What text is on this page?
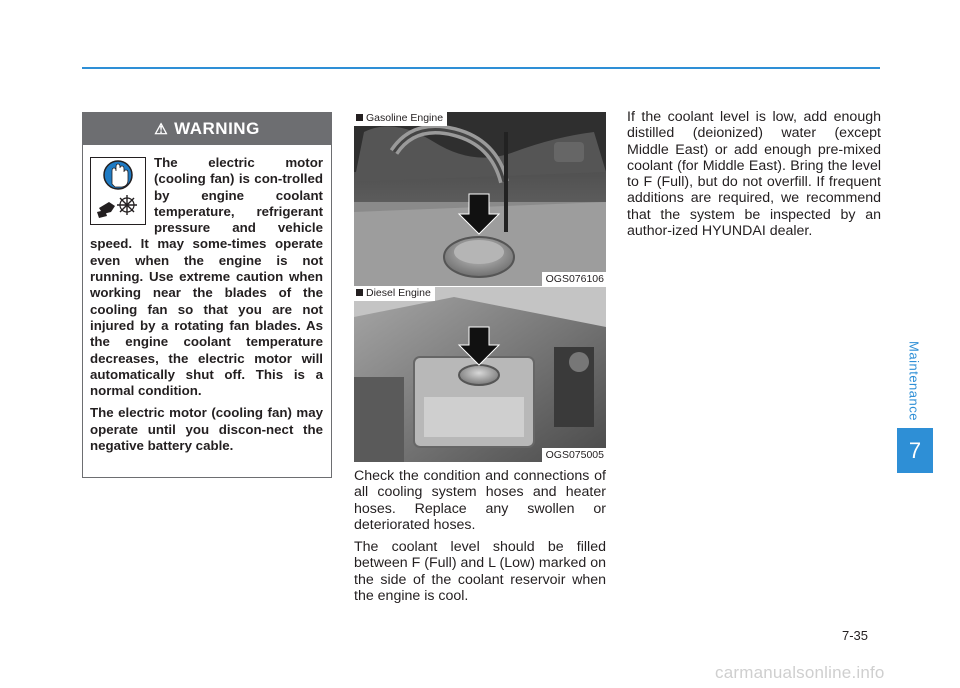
⚠ WARNING

The electric motor (cooling fan) is con-trolled by engine coolant temperature, refrigerant pressure and vehicle speed. It may some-times operate even when the engine is not running. Use extreme caution when working near the blades of the cooling fan so that you are not injured by a rotating fan blades. As the engine coolant temperature decreases, the electric motor will automatically shut off. This is a normal condition.

The electric motor (cooling fan) may operate until you discon-nect the negative battery cable.

Gasoline Engine
OGS076106
Diesel Engine
OGS075005

Check the condition and connections of all cooling system hoses and heater hoses. Replace any swollen or deteriorated hoses.

The coolant level should be filled between F (Full) and L (Low) marked on the side of the coolant reservoir when the engine is cool.

If the coolant level is low, add enough distilled (deionized) water (except Middle East) or add enough pre-mixed coolant (for Middle East). Bring the level to F (Full), but do not overfill. If frequent additions are required, we recommend that the system be inspected by an author-ized HYUNDAI dealer.

Maintenance
7
7-35
carmanualsonline.info
